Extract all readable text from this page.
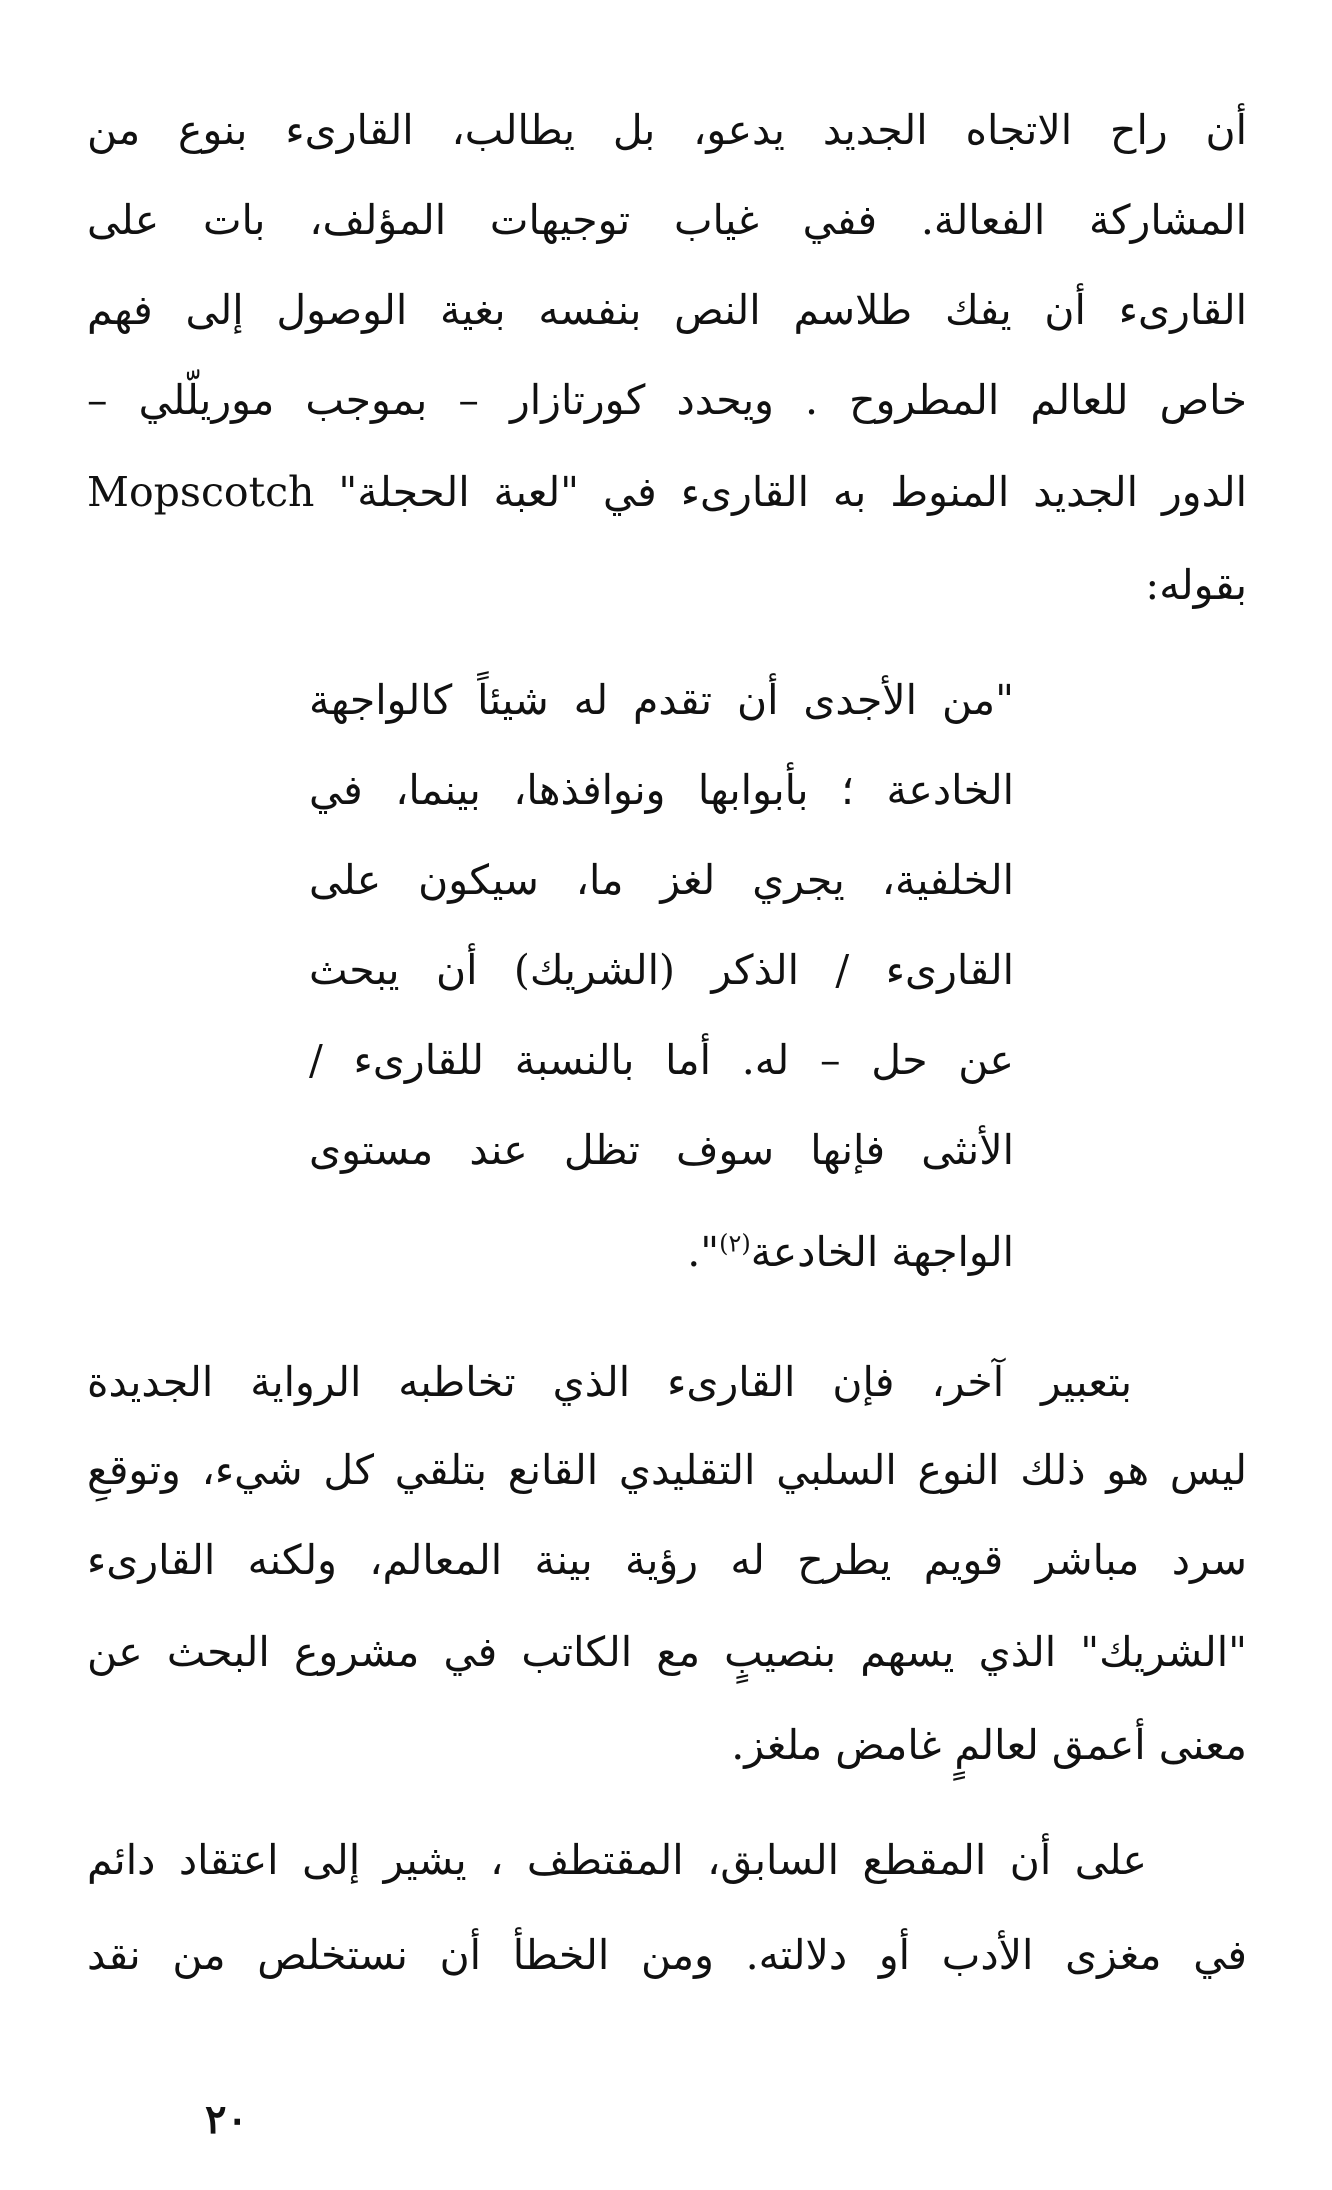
أن راح الاتجاه الجديد يدعو، بل يطالب، القارىء بنوع من
المشاركة الفعالة. ففي غياب توجيهات المؤلف، بات على
القارىء أن يفك طلاسم النص بنفسه بغية الوصول إلى فهم
خاص للعالم المطروح . ويحدد كورتازار – بموجب موريلّلي –
الدور الجديد المنوط به القارىء في "لعبة الحجلة" Mopscotch
بقوله:
"من الأجدى أن تقدم له شيئاً كالواجهة
الخادعة ؛ بأبوابها ونوافذها، بينما، في
الخلفية، يجري لغز ما، سيكون على
القارىء / الذكر (الشريك) أن يبحث
عن حل – له. أما بالنسبة للقارىء /
الأنثى فإنها سوف تظل عند مستوى
الواجهة الخادعة$^{(٢)}$".
بتعبير آخر، فإن القارىء الذي تخاطبه الرواية الجديدة
ليس هو ذلك النوع السلبي التقليدي القانع بتلقي كل شيء، وتوقعِ
سرد مباشر قويم يطرح له رؤية بينة المعالم، ولكنه القارىء
"الشريك" الذي يسهم بنصيبٍ مع الكاتب في مشروع البحث عن
معنى أعمق لعالمٍ غامض ملغز.
على أن المقطع السابق، المقتطف ، يشير إلى اعتقاد دائم
في مغزى الأدب أو دلالته. ومن الخطأ أن نستخلص من نقد
٢٠
